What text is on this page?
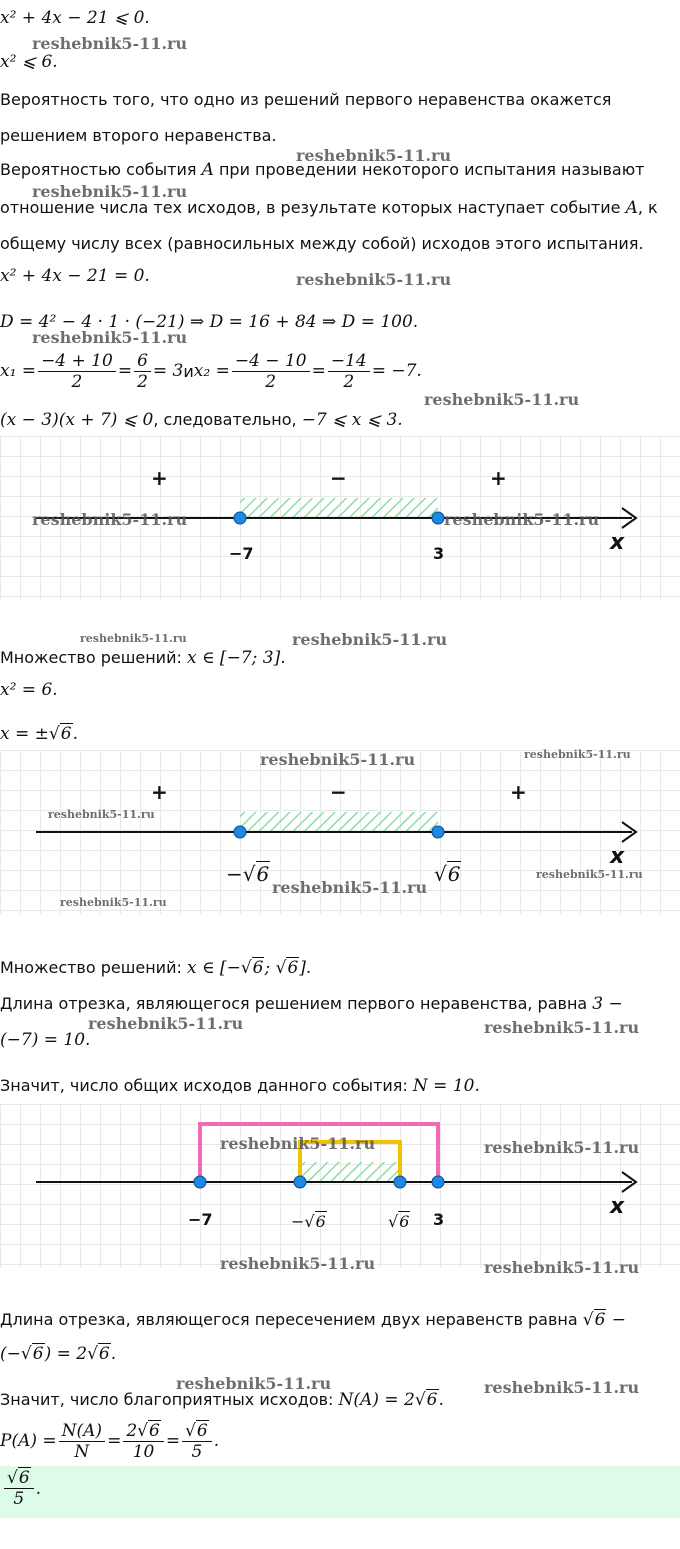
x² + 4x − 21 ⩽ 0.
x² ⩽ 6.
Вероятность того, что одно из решений первого неравенства окажется
решением второго неравенства.
Вероятностью события A при проведении некоторого испытания называют
отношение числа тех исходов, в результате которых наступает событие A, к
общему числу всех (равносильных между собой) исходов этого испытания.
x² + 4x − 21 = 0.
D = 4² − 4 · 1 · (−21) ⇒ D = 16 + 84 ⇒ D = 100.
$x_1 = \frac{-4 + 10}{2} = \frac{6}{2} = 3$ и $x_2 = \frac{-4 - 10}{2} = \frac{-14}{2} = -7$.
(x − 3)(x + 7) ⩽ 0, следовательно, −7 ⩽ x ⩽ 3.
+	−	+
−7	3	x
Множество решений: x ∈ [−7; 3].
x² = 6.
x = ±√6.
+	−	+
−√6	√6
x
Множество решений: x ∈ [−√6; √6].
Длина отрезка, являющегося решением первого неравенства, равна 3 −
(−7) = 10.
Значит, число общих исходов данного события: N = 10.
−7	−√6	√6 3
x
Длина отрезка, являющегося пересечением двух неравенств равна √6 −
(−√6) = 2√6.
Значит, число благоприятных исходов: N(A) = 2√6.
$P(A) = \frac{N(A)}{N} = \frac{2√6}{10} = \frac{√6}{5}$ .
$\frac{√6}{5}$ .
reshebnik5-11.ru
reshebnik5-11.ru
reshebnik5-11.ru
reshebnik5-11.ru
reshebnik5-11.ru
reshebnik5-11.ru
reshebnik5-11.ru	reshebnik5-11.ru
reshebnik5-11.ru	reshebnik5-11.ru
reshebnik5-11.ru	reshebnik5-11.ru
reshebnik5-11.ru
reshebnik5-11.ru
reshebnik5-11.ru
reshebnik5-11.ru
reshebnik5-11.ru	reshebnik5-11.ru
reshebnik5-11.ru	reshebnik5-11.ru
reshebnik5-11.ru	reshebnik5-11.ru
reshebnik5-11.ru	reshebnik5-11.ru
